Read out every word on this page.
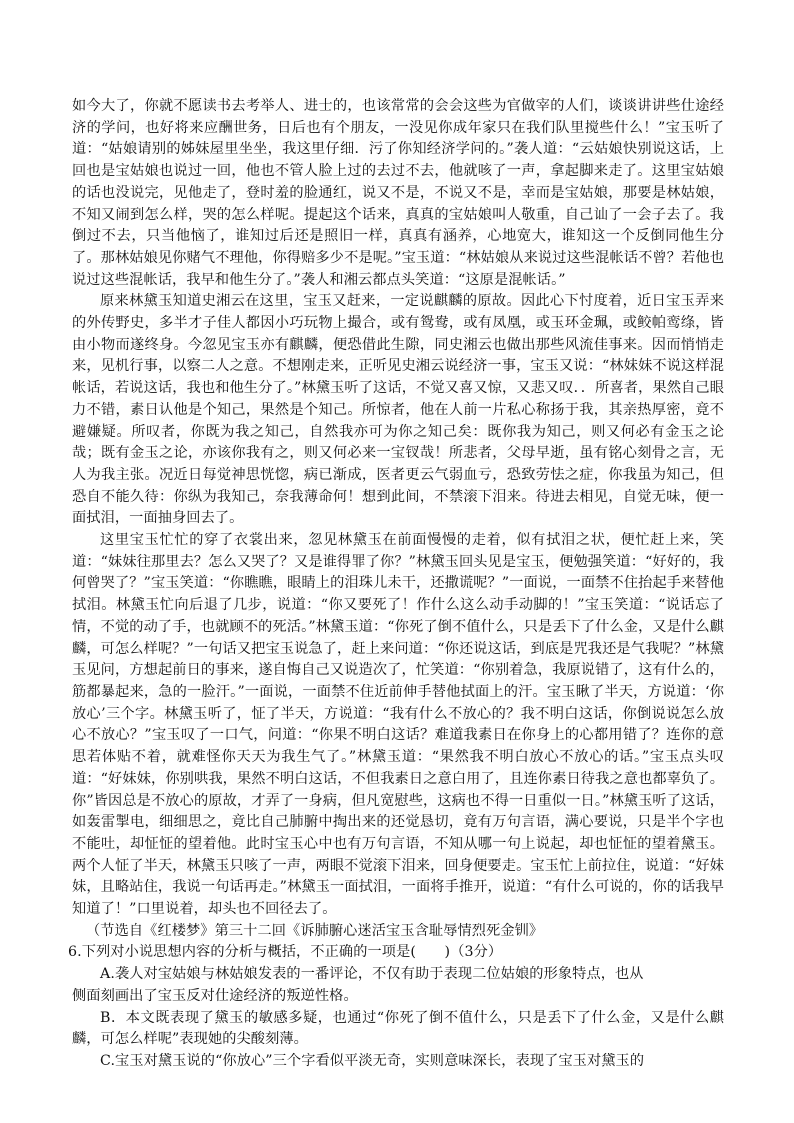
如今大了，你就不愿读书去考举人、进士的，也该常常的会会这些为官做宰的人们，谈谈讲讲些仕途经济的学问，也好将来应酬世务，日后也有个朋友，一没见你成年家只在我们队里搅些什么！”宝玉听了道：“姑娘请别的姊妹屋里坐坐，我这里仔细．污了你知经济学问的。”袭人道：“云姑娘快别说这话，上回也是宝姑娘也说过一回，他也不管人脸上过的去过不去，他就咳了一声，拿起脚来走了。这里宝姑娘的话也没说完，见他走了，登时羞的脸通红，说又不是，不说又不是，幸而是宝姑娘，那要是林姑娘，不知又闹到怎么样，哭的怎么样呢。提起这个话来，真真的宝姑娘叫人敬重，自己讪了一会子去了。我倒过不去，只当他恼了，谁知过后还是照旧一样，真真有涵养，心地宽大，谁知这一个反倒同他生分了。那林姑娘见你赌气不理他，你得赔多少不是呢。”宝玉道：“林姑娘从来说过这些混帐话不曾？若他也说过这些混帐话，我早和他生分了。”袭人和湘云都点头笑道：“这原是混帐话。”

原来林黛玉知道史湘云在这里，宝玉又赶来，一定说麒麟的原故。因此心下忖度着，近日宝玉弄来的外传野史，多半才子佳人都因小巧玩物上撮合，或有鸳鸯，或有凤凰，或玉环金珮，或鲛帕鸾绦，皆由小物而遂终身。今忽见宝玉亦有麒麟，便恐借此生隙，同史湘云也做出那些风流佳事来。因而悄悄走来，见机行事，以察二人之意。不想刚走来，正听见史湘云说经济一事，宝玉又说：“林妹妹不说这样混帐话，若说这话，我也和他生分了。”林黛玉听了这话，不觉又喜又惊，又悲又叹．．所喜者，果然自己眼力不错，素日认他是个知己，果然是个知己。所惊者，他在人前一片私心称扬于我，其亲热厚密，竟不避嫌疑。所叹者，你既为我之知己，自然我亦可为你之知己矣：既你我为知己，则又何必有金玉之论哉；既有金玉之论，亦该你我有之，则又何必来一宝钗哉！所悲者，父母早逝，虽有铭心刻骨之言，无人为我主张。况近日每觉神思恍惚，病已渐成，医者更云气弱血亏，恐致劳怯之症，你我虽为知己，但恐自不能久待：你纵为我知己，奈我薄命何！想到此间，不禁滚下泪来。待进去相见，自觉无味，便一面拭泪，一面抽身回去了。

这里宝玉忙忙的穿了衣裳出来，忽见林黛玉在前面慢慢的走着，似有拭泪之状，便忙赶上来，笑道：“妹妹往那里去？怎么又哭了？又是谁得罪了你？”林黛玉回头见是宝玉，便勉强笑道：“好好的，我何曾哭了？”宝玉笑道：“你瞧瞧，眼睛上的泪珠儿未干，还撒谎呢？”一面说，一面禁不住抬起手来替他拭泪。林黛玉忙向后退了几步，说道：“你又要死了！作什么这么动手动脚的！”宝玉笑道：“说话忘了情，不觉的动了手，也就顾不的死活。”林黛玉道：“你死了倒不值什么，只是丢下了什么金，又是什么麒麟，可怎么样呢？”一句话又把宝玉说急了，赶上来问道：“你还说这话，到底是咒我还是气我呢？”林黛玉见问，方想起前日的事来，遂自悔自己又说造次了，忙笑道：“你别着急，我原说错了，这有什么的，筋都暴起来，急的一脸汗。”一面说，一面禁不住近前伸手替他拭面上的汗。宝玉瞅了半天，方说道：‘你放心’三个字。林黛玉听了，怔了半天，方说道：“我有什么不放心的？我不明白这话，你倒说说怎么放心不放心？”宝玉叹了一口气，问道：“你果不明白这话？难道我素日在你身上的心都用错了？连你的意思若体贴不着，就难怪你天天为我生气了。”林黛玉道：“果然我不明白放心不放心的话。”宝玉点头叹道：“好妹妹，你别哄我，果然不明白这话，不但我素日之意白用了，且连你素日待我之意也都辜负了。你”皆因总是不放心的原故，才弄了一身病，但凡宽慰些，这病也不得一日重似一日。”林黛玉听了这话，如轰雷掣电，细细思之，竟比自己肺腑中掏出来的还觉恳切，竟有万句言语，满心要说，只是半个字也不能吐，却怔怔的望着他。此时宝玉心中也有万句言语，不知从哪一句上说起，却也怔怔的望着黛玉。两个人怔了半天，林黛玉只咳了一声，两眼不觉滚下泪来，回身便要走。宝玉忙上前拉住，说道：“好妹妹，且略站住，我说一句话再走。”林黛玉一面拭泪，一面将手推开，说道：“有什么可说的，你的话我早知道了！”口里说着，却头也不回径去了。

（节选自《红楼梦》第三十二回《诉肺腑心迷活宝玉含耻辱情烈死金钏》

6.下列对小说思想内容的分析与概括，不正确的一项是(　　)（3分）

A.袭人对宝姑娘与林姑娘发表的一番评论，不仅有助于表现二位姑娘的形象特点，也从

侧面刻画出了宝玉反对仕途经济的叛逆性格。

B．本文既表现了黛玉的敏感多疑，也通过“你死了倒不值什么，只是丢下了什么金，又是什么麒麟，可怎么样呢”表现她的尖酸刻薄。

C.宝玉对黛玉说的“你放心”三个字看似平淡无奇，实则意味深长，表现了宝玉对黛玉的
